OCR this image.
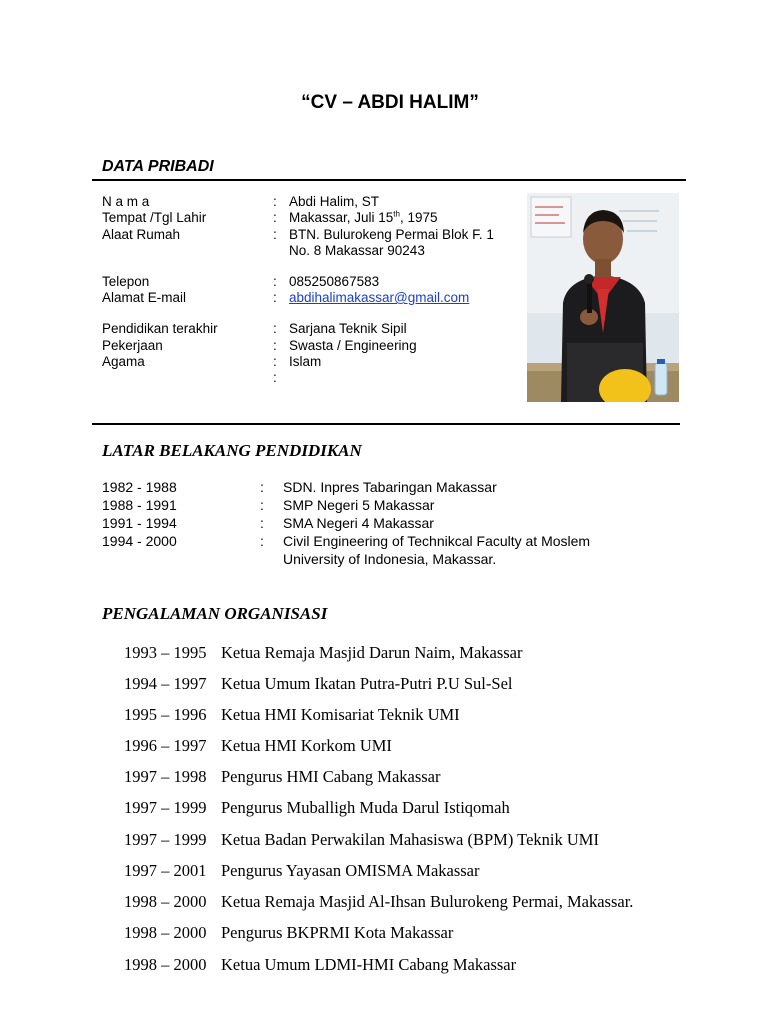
“CV – ABDI HALIM”
DATA PRIBADI
N a m a	: Abdi Halim, ST
Tempat /Tgl Lahir	: Makassar, Juli 15th, 1975
Alaat Rumah	: BTN. Bulurokeng Permai Blok F. 1
No. 8 Makassar 90243
Telepon	: 085250867583
Alamat E-mail	: abdihalimakassar@gmail.com
Pendidikan terakhir	: Sarjana Teknik Sipil
Pekerjaan	: Swasta / Engineering
Agama	: Islam
:
LATAR BELAKANG PENDIDIKAN
1982 - 1988	: SDN. Inpres Tabaringan Makassar
1988 - 1991	: SMP Negeri 5 Makassar
1991 - 1994	: SMA Negeri 4 Makassar
1994 - 2000	: Civil Engineering of Technikcal Faculty at Moslem
University of Indonesia, Makassar.
PENGALAMAN ORGANISASI
1993 – 1995 Ketua Remaja Masjid Darun Naim, Makassar
1994 – 1997 Ketua Umum Ikatan Putra-Putri P.U Sul-Sel
1995 – 1996 Ketua HMI Komisariat Teknik UMI
1996 – 1997 Ketua HMI Korkom UMI
1997 – 1998 Pengurus HMI Cabang Makassar
1997 – 1999 Pengurus Muballigh Muda Darul Istiqomah
1997 – 1999 Ketua Badan Perwakilan Mahasiswa (BPM) Teknik UMI
1997 – 2001 Pengurus Yayasan OMISMA Makassar
1998 – 2000 Ketua Remaja Masjid Al-Ihsan Bulurokeng Permai, Makassar.
1998 – 2000 Pengurus BKPRMI Kota Makassar
1998 – 2000 Ketua Umum LDMI-HMI Cabang Makassar
